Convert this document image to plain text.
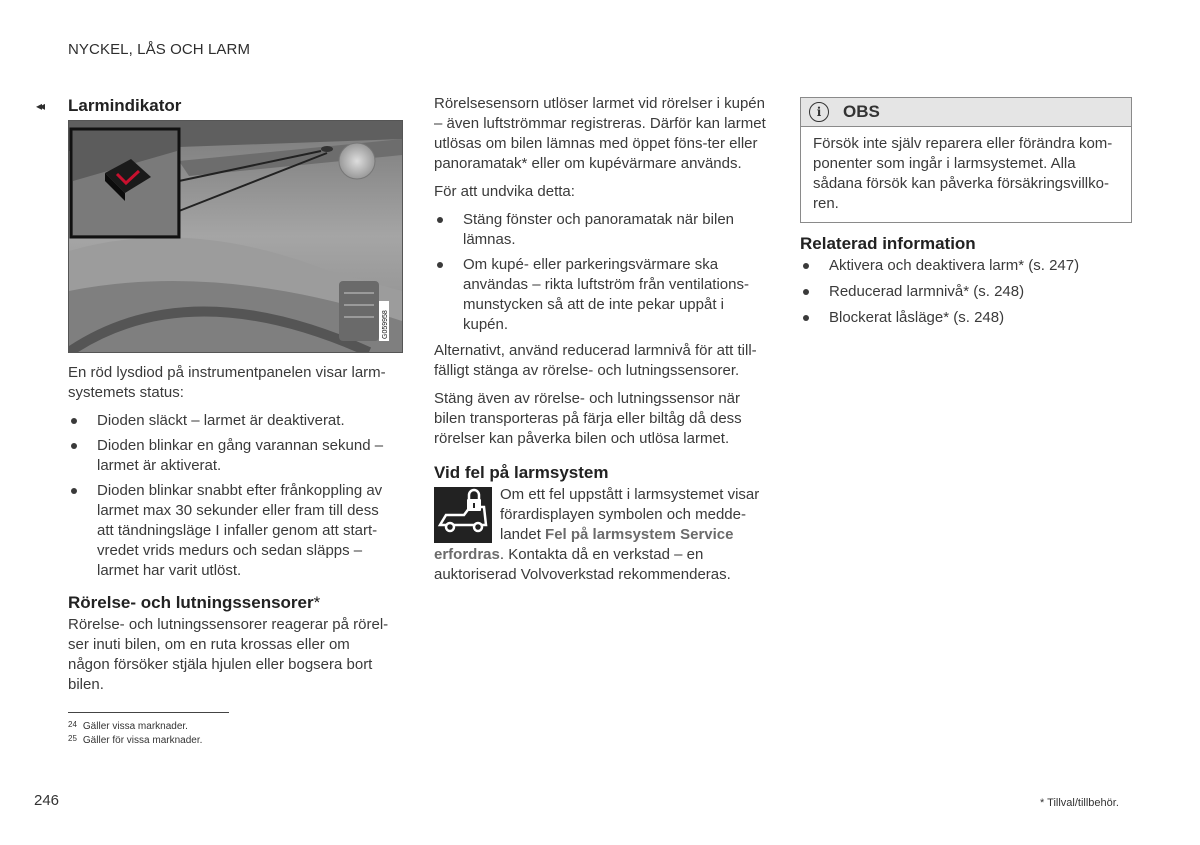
NYCKEL, LÅS OCH LARM
◂◂ Larmindikator
G059958

En röd lysdiod på instrumentpanelen visar larm-systemets status:

Dioden släckt – larmet är deaktiverat.
Dioden blinkar en gång varannan sekund – larmet är aktiverat.
Dioden blinkar snabbt efter frånkoppling av larmet max 30 sekunder eller fram till dess att tändningsläge I infaller genom att start-vredet vrids medurs och sedan släpps – larmet har varit utlöst.
Rörelse- och lutningssensorer*

Rörelse- och lutningssensorer reagerar på rörel-ser inuti bilen, om en ruta krossas eller om någon försöker stjäla hjulen eller bogsera bort bilen.

Rörelsesensorn utlöser larmet vid rörelser i kupén – även luftströmmar registreras. Därför kan larmet utlösas om bilen lämnas med öppet föns-ter eller panoramatak* eller om kupévärmare används.

För att undvika detta:

Stäng fönster och panoramatak när bilen lämnas.
Om kupé- eller parkeringsvärmare ska användas – rikta luftström från ventilations-munstycken så att de inte pekar uppåt i kupén.

Alternativt, använd reducerad larmnivå för att till-fälligt stänga av rörelse- och lutningssensorer.

Stäng även av rörelse- och lutningssensor när bilen transporteras på färja eller biltåg då dess rörelser kan påverka bilen och utlösa larmet.

Vid fel på larmsystem
Om ett fel uppstått i larmsystemet visar förardisplayen symbolen och medde-landet Fel på larmsystem Service erfordras. Kontakta då en verkstad – en auktoriserad Volvoverkstad rekommenderas.
i	OBS
Försök inte själv reparera eller förändra kom-ponenter som ingår i larmsystemet. Alla sådana försök kan påverka försäkringsvillko-ren.
Relaterad information
Aktivera och deaktivera larm* (s. 247)
Reducerad larmnivå* (s. 248)
Blockerat låsläge* (s. 248)
$^{24}$ Gäller vissa marknader.
$^{25}$ Gäller för vissa marknader.
246	* Tillval/tillbehör.
